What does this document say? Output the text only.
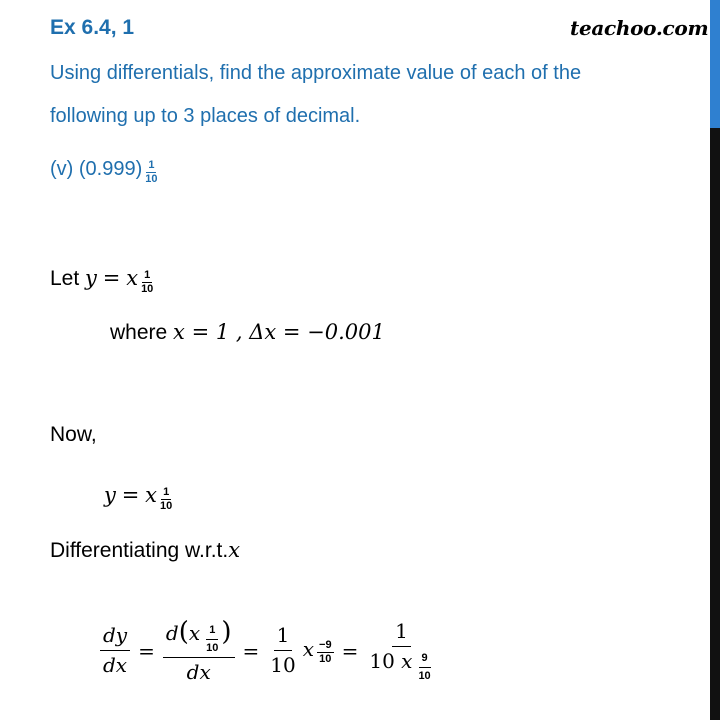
Ex 6.4, 1	teachoo.com
Using differentials, find the approximate value of each of the
following up to 3 places of decimal.
(v) $(0.999) \frac{1}{10}$
Let y = x $\frac{1}{10}$
where x = 1 , Δx = −0.001
Now,
y = x $\frac{1}{10}$
Differentiating w.r.t.x
$\frac{dy}{dx} = \frac{d(x \frac{1}{10} )}{dx} = \frac{1}{10}$ x $\frac{-9}{10} = \frac{1}{10 x \frac{9}{10}}$
